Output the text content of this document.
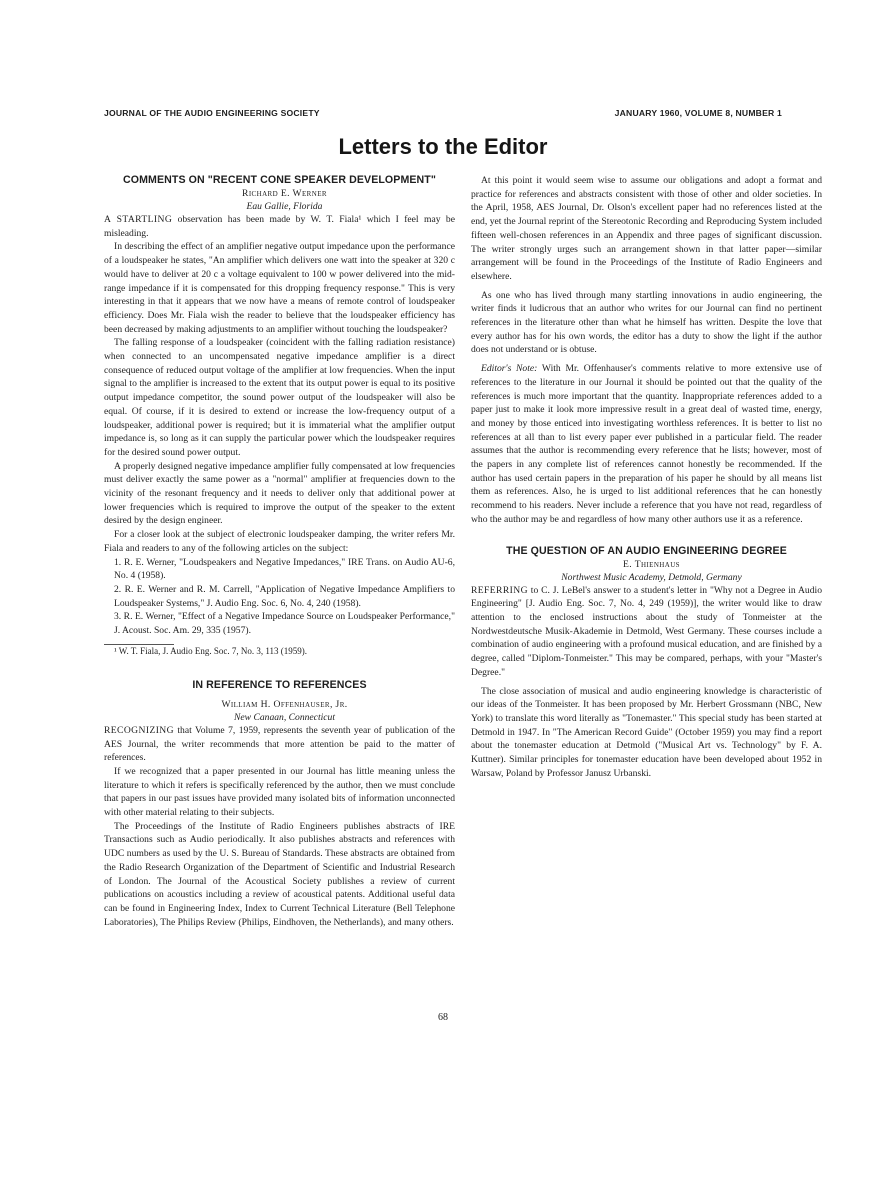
JOURNAL OF THE AUDIO ENGINEERING SOCIETY	JANUARY 1960, VOLUME 8, NUMBER 1
Letters to the Editor
COMMENTS ON "RECENT CONE SPEAKER DEVELOPMENT"

Richard E. Werner

Eau Gallie, Florida

A STARTLING observation has been made by W. T. Fiala¹ which I feel may be misleading.

In describing the effect of an amplifier negative output impedance upon the performance of a loudspeaker he states, "An amplifier which delivers one watt into the speaker at 320 c would have to deliver at 20 c a voltage equivalent to 100 w power delivered into the mid-range impedance if it is compensated for this dropping frequency response." This is very interesting in that it appears that we now have a means of remote control of loudspeaker efficiency. Does Mr. Fiala wish the reader to believe that the loudspeaker efficiency has been decreased by making adjustments to an amplifier without touching the loudspeaker?

The falling response of a loudspeaker (coincident with the falling radiation resistance) when connected to an uncompensated negative impedance amplifier is a direct consequence of reduced output voltage of the amplifier at low frequencies. When the input signal to the amplifier is increased to the extent that its output power is equal to its positive output impedance competitor, the sound power output of the loudspeaker will also be equal. Of course, if it is desired to extend or increase the low-frequency output of a loudspeaker, additional power is required; but it is immaterial what the amplifier output impedance is, so long as it can supply the particular power which the loudspeaker requires for the desired sound power output.

A properly designed negative impedance amplifier fully compensated at low frequencies must deliver exactly the same power as a "normal" amplifier at frequencies down to the vicinity of the resonant frequency and it needs to deliver only that additional power at lower frequencies which is required to improve the output of the speaker to the extent desired by the design engineer.

For a closer look at the subject of electronic loudspeaker damping, the writer refers Mr. Fiala and readers to any of the following articles on the subject:

1. R. E. Werner, "Loudspeakers and Negative Impedances," IRE Trans. on Audio AU-6, No. 4 (1958).

2. R. E. Werner and R. M. Carrell, "Application of Negative Impedance Amplifiers to Loudspeaker Systems," J. Audio Eng. Soc. 6, No. 4, 240 (1958).

3. R. E. Werner, "Effect of a Negative Impedance Source on Loudspeaker Performance," J. Acoust. Soc. Am. 29, 335 (1957).

¹ W. T. Fiala, J. Audio Eng. Soc. 7, No. 3, 113 (1959).

IN REFERENCE TO REFERENCES

William H. Offenhauser, Jr.

New Canaan, Connecticut

RECOGNIZING that Volume 7, 1959, represents the seventh year of publication of the AES Journal, the writer recommends that more attention be paid to the matter of references.

If we recognized that a paper presented in our Journal has little meaning unless the literature to which it refers is specifically referenced by the author, then we must conclude that papers in our past issues have provided many isolated bits of information unconnected with other material relating to their subjects.

The Proceedings of the Institute of Radio Engineers publishes abstracts of IRE Transactions such as Audio periodically. It also publishes abstracts and references with UDC numbers as used by the U. S. Bureau of Standards. These abstracts are obtained from the Radio Research Organization of the Department of Scientific and Industrial Research of London. The Journal of the Acoustical Society publishes a review of current publications on acoustics including a review of acoustical patents. Additional useful data can be found in Engineering Index, Index to Current Technical Literature (Bell Telephone Laboratories), The Philips Review (Philips, Eindhoven, the Netherlands), and many others.

At this point it would seem wise to assume our obligations and adopt a format and practice for references and abstracts consistent with those of other and older societies. In the April, 1958, AES Journal, Dr. Olson's excellent paper had no references listed at the end, yet the Journal reprint of the Stereotonic Recording and Reproducing System included fifteen well-chosen references in an Appendix and three pages of significant discussion. The writer strongly urges such an arrangement shown in that latter paper—similar arrangement will be found in the Proceedings of the Institute of Radio Engineers and elsewhere.

As one who has lived through many startling innovations in audio engineering, the writer finds it ludicrous that an author who writes for our Journal can find no pertinent references in the literature other than what he himself has written. Despite the love that every author has for his own words, the editor has a duty to show the light if the author does not understand or is obtuse.

Editor's Note: With Mr. Offenhauser's comments relative to more extensive use of references to the literature in our Journal it should be pointed out that the quality of the references is much more important that the quantity. Inappropriate references added to a paper just to make it look more impressive result in a great deal of wasted time, energy, and money by those enticed into investigating worthless references. It is better to list no references at all than to list every paper ever published in a particular field. The reader assumes that the author is recommending every reference that he lists; however, most of the papers in any complete list of references cannot honestly be recommended. If the author has used certain papers in the preparation of his paper he should by all means list them as references. Also, he is urged to list additional references that he can honestly recommend to his readers. Never include a reference that you have not read, regardless of who the author may be and regardless of how many other authors use it as a reference.

THE QUESTION OF AN AUDIO ENGINEERING DEGREE

E. Thienhaus

Northwest Music Academy, Detmold, Germany

REFERRING to C. J. LeBel's answer to a student's letter in "Why not a Degree in Audio Engineering" [J. Audio Eng. Soc. 7, No. 4, 249 (1959)], the writer would like to draw attention to the enclosed instructions about the study of Tonmeister at the Nordwestdeutsche Musik-Akademie in Detmold, West Germany. These courses include a combination of audio engineering with a profound musical education, and are finished by a degree, called "Diplom-Tonmeister." This may be compared, perhaps, with your "Master's Degree."

The close association of musical and audio engineering knowledge is characteristic of our ideas of the Tonmeister. It has been proposed by Mr. Herbert Grossmann (NBC, New York) to translate this word literally as "Tonemaster." This special study has been started at Detmold in 1947. In "The American Record Guide" (October 1959) you may find a report about the tonemaster education at Detmold ("Musical Art vs. Technology" by F. A. Kuttner). Similar principles for tonemaster education have been developed about 1952 in Warsaw, Poland by Professor Janusz Urbanski.

68
